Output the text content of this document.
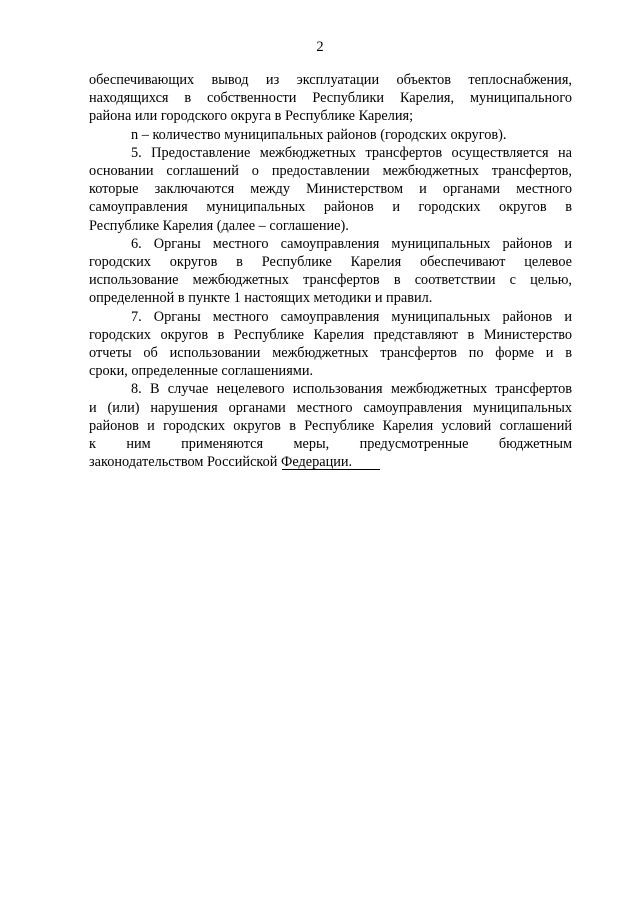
2

обеспечивающих вывод из эксплуатации объектов теплоснабжения,
находящихся в собственности Республики Карелия, муниципального
района или городского округа в Республике Карелия;

n – количество муниципальных районов (городских округов).

5. Предоставление межбюджетных трансфертов осуществляется на
основании соглашений о предоставлении межбюджетных трансфертов,
которые заключаются между Министерством и органами местного
самоуправления муниципальных районов и городских округов в
Республике Карелия (далее – соглашение).

6. Органы местного самоуправления муниципальных районов и
городских округов в Республике Карелия обеспечивают целевое
использование межбюджетных трансфертов в соответствии с целью,
определенной в пункте 1 настоящих методики и правил.

7. Органы местного самоуправления муниципальных районов и
городских округов в Республике Карелия представляют в Министерство
отчеты об использовании межбюджетных трансфертов по форме и в
сроки, определенные соглашениями.

8. В случае нецелевого использования межбюджетных трансфертов
и (или) нарушения органами местного самоуправления муниципальных
районов и городских округов в Республике Карелия условий соглашений
к ним применяются меры, предусмотренные бюджетным
законодательством Российской Федерации.
